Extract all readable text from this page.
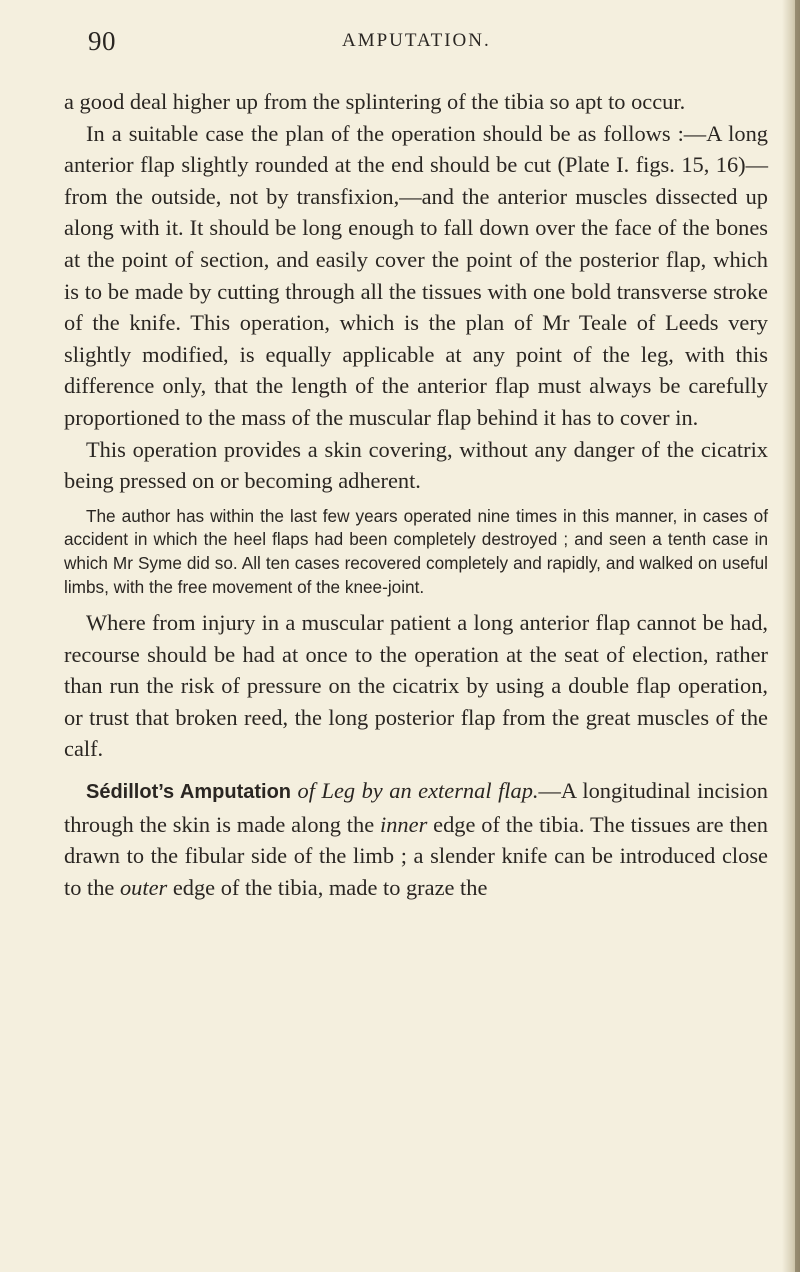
90	AMPUTATION.

a good deal higher up from the splintering of the tibia so apt to occur.

In a suitable case the plan of the operation should be as follows :—A long anterior flap slightly rounded at the end should be cut (Plate I. figs. 15, 16)—from the outside, not by transfixion,—and the anterior muscles dissected up along with it. It should be long enough to fall down over the face of the bones at the point of section, and easily cover the point of the posterior flap, which is to be made by cutting through all the tissues with one bold transverse stroke of the knife. This operation, which is the plan of Mr Teale of Leeds very slightly modified, is equally applicable at any point of the leg, with this difference only, that the length of the anterior flap must always be carefully proportioned to the mass of the muscular flap behind it has to cover in.

This operation provides a skin covering, without any danger of the cicatrix being pressed on or becoming adherent.

The author has within the last few years operated nine times in this manner, in cases of accident in which the heel flaps had been completely destroyed ; and seen a tenth case in which Mr Syme did so. All ten cases recovered completely and rapidly, and walked on useful limbs, with the free movement of the knee-joint.

Where from injury in a muscular patient a long anterior flap cannot be had, recourse should be had at once to the operation at the seat of election, rather than run the risk of pressure on the cicatrix by using a double flap operation, or trust that broken reed, the long posterior flap from the great muscles of the calf.

Sédillot’s Amputation of Leg by an external flap.—A longitudinal incision through the skin is made along the inner edge of the tibia. The tissues are then drawn to the fibular side of the limb ; a slender knife can be introduced close to the outer edge of the tibia, made to graze the
